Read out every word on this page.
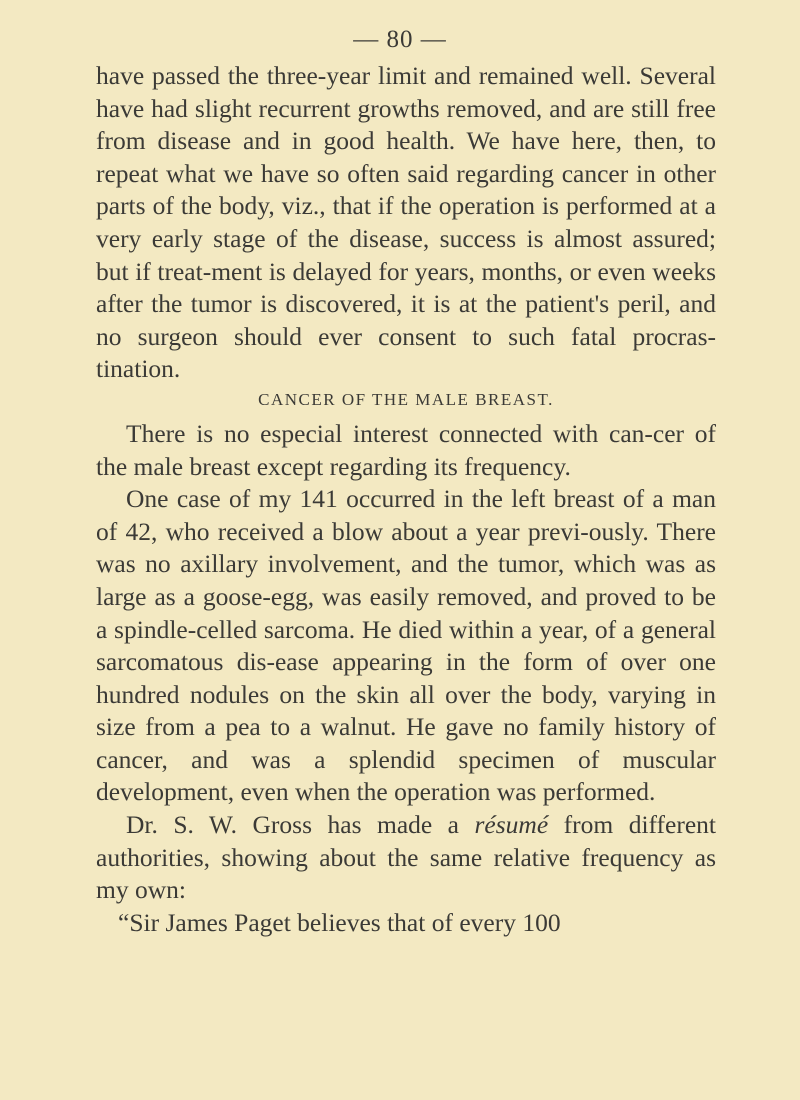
— 80 —

have passed the three-year limit and remained well. Several have had slight recurrent growths removed, and are still free from disease and in good health. We have here, then, to repeat what we have so often said regarding cancer in other parts of the body, viz., that if the operation is performed at a very early stage of the disease, success is almost assured; but if treat-ment is delayed for years, months, or even weeks after the tumor is discovered, it is at the patient's peril, and no surgeon should ever consent to such fatal procras-tination.

CANCER OF THE MALE BREAST.

There is no especial interest connected with can-cer of the male breast except regarding its frequency.

One case of my 141 occurred in the left breast of a man of 42, who received a blow about a year previ-ously. There was no axillary involvement, and the tumor, which was as large as a goose-egg, was easily removed, and proved to be a spindle-celled sarcoma. He died within a year, of a general sarcomatous dis-ease appearing in the form of over one hundred nodules on the skin all over the body, varying in size from a pea to a walnut. He gave no family history of cancer, and was a splendid specimen of muscular development, even when the operation was performed.

Dr. S. W. Gross has made a résumé from different authorities, showing about the same relative frequency as my own:

“Sir James Paget believes that of every 100
